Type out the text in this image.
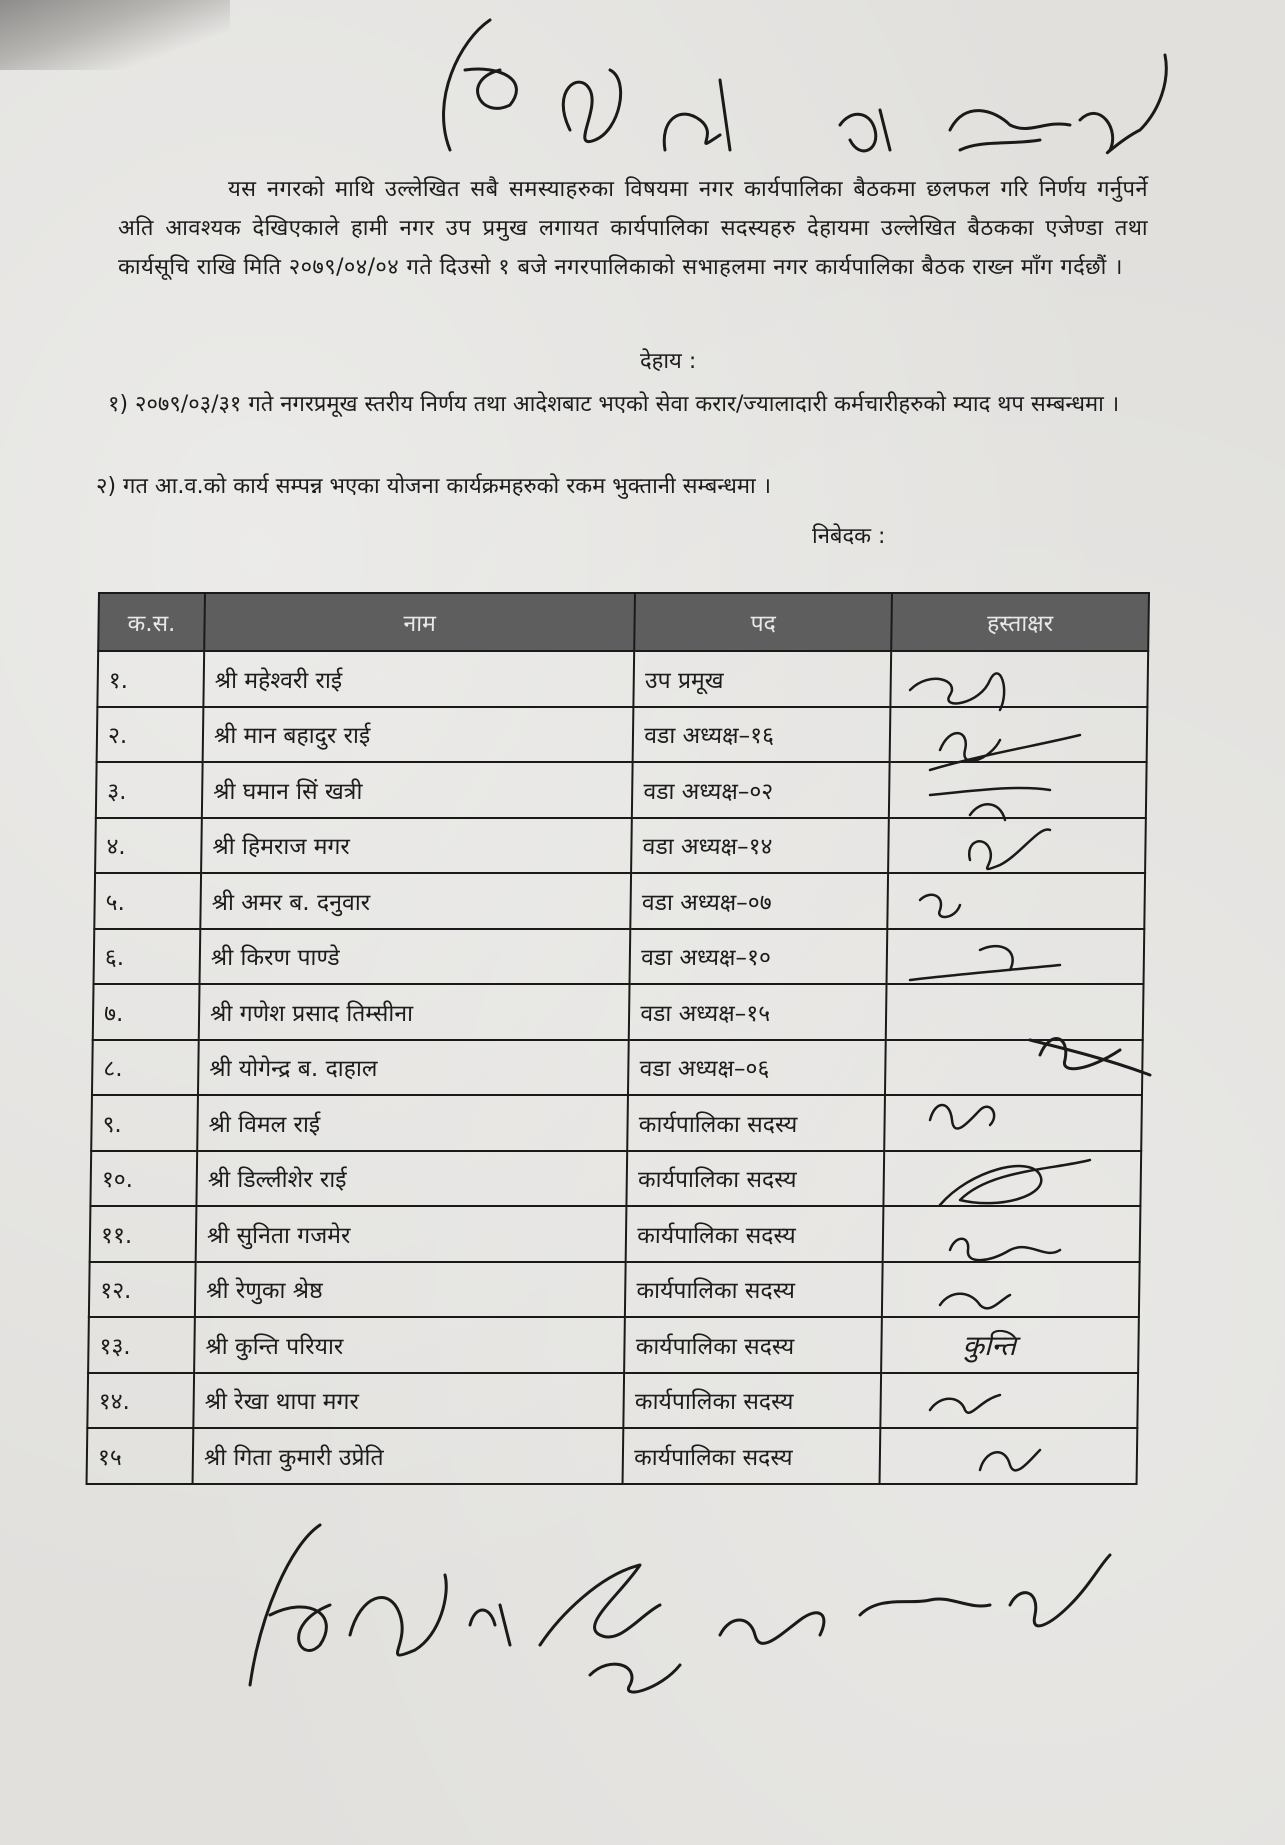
यस नगरको माथि उल्लेखित सबै समस्याहरुका विषयमा नगर कार्यपालिका बैठकमा छलफल गरि निर्णय गर्नुपर्ने अति आवश्यक देखिएकाले हामी नगर उप प्रमुख लगायत कार्यपालिका सदस्यहरु देहायमा उल्लेखित बैठकका एजेण्डा तथा कार्यसूचि राखि मिति २०७९/०४/०४ गते दिउसो १ बजे नगरपालिकाको सभाहलमा नगर कार्यपालिका बैठक राख्न माँग गर्दछौं ।
देहाय :
१) २०७९/०३/३१ गते नगरप्रमूख स्तरीय निर्णय तथा आदेशबाट भएको सेवा करार/ज्यालादारी कर्मचारीहरुको म्याद थप सम्बन्धमा ।
२) गत आ.व.को कार्य सम्पन्न भएका योजना कार्यक्रमहरुको रकम भुक्तानी सम्बन्धमा ।
निबेदक :
क.स.	नाम	पद	हस्ताक्षर
१.	श्री महेश्वरी राई	उप प्रमूख	
२.	श्री मान बहादुर राई	वडा अध्यक्ष–१६	
३.	श्री घमान सिं खत्री	वडा अध्यक्ष–०२	
४.	श्री हिमराज मगर	वडा अध्यक्ष–१४	
५.	श्री अमर ब. दनुवार	वडा अध्यक्ष–०७	
६.	श्री किरण पाण्डे	वडा अध्यक्ष–१०	
७.	श्री गणेश प्रसाद तिम्सीना	वडा अध्यक्ष–१५	
८.	श्री योगेन्द्र ब. दाहाल	वडा अध्यक्ष–०६	
९.	श्री विमल राई	कार्यपालिका सदस्य	
१०.	श्री डिल्लीशेर राई	कार्यपालिका सदस्य	
११.	श्री सुनिता गजमेर	कार्यपालिका सदस्य	
१२.	श्री रेणुका श्रेष्ठ	कार्यपालिका सदस्य	
१३.	श्री कुन्ति परियार	कार्यपालिका सदस्य	कुन्ति
१४.	श्री रेखा थापा मगर	कार्यपालिका सदस्य	
१५	श्री गिता कुमारी उप्रेति	कार्यपालिका सदस्य	
